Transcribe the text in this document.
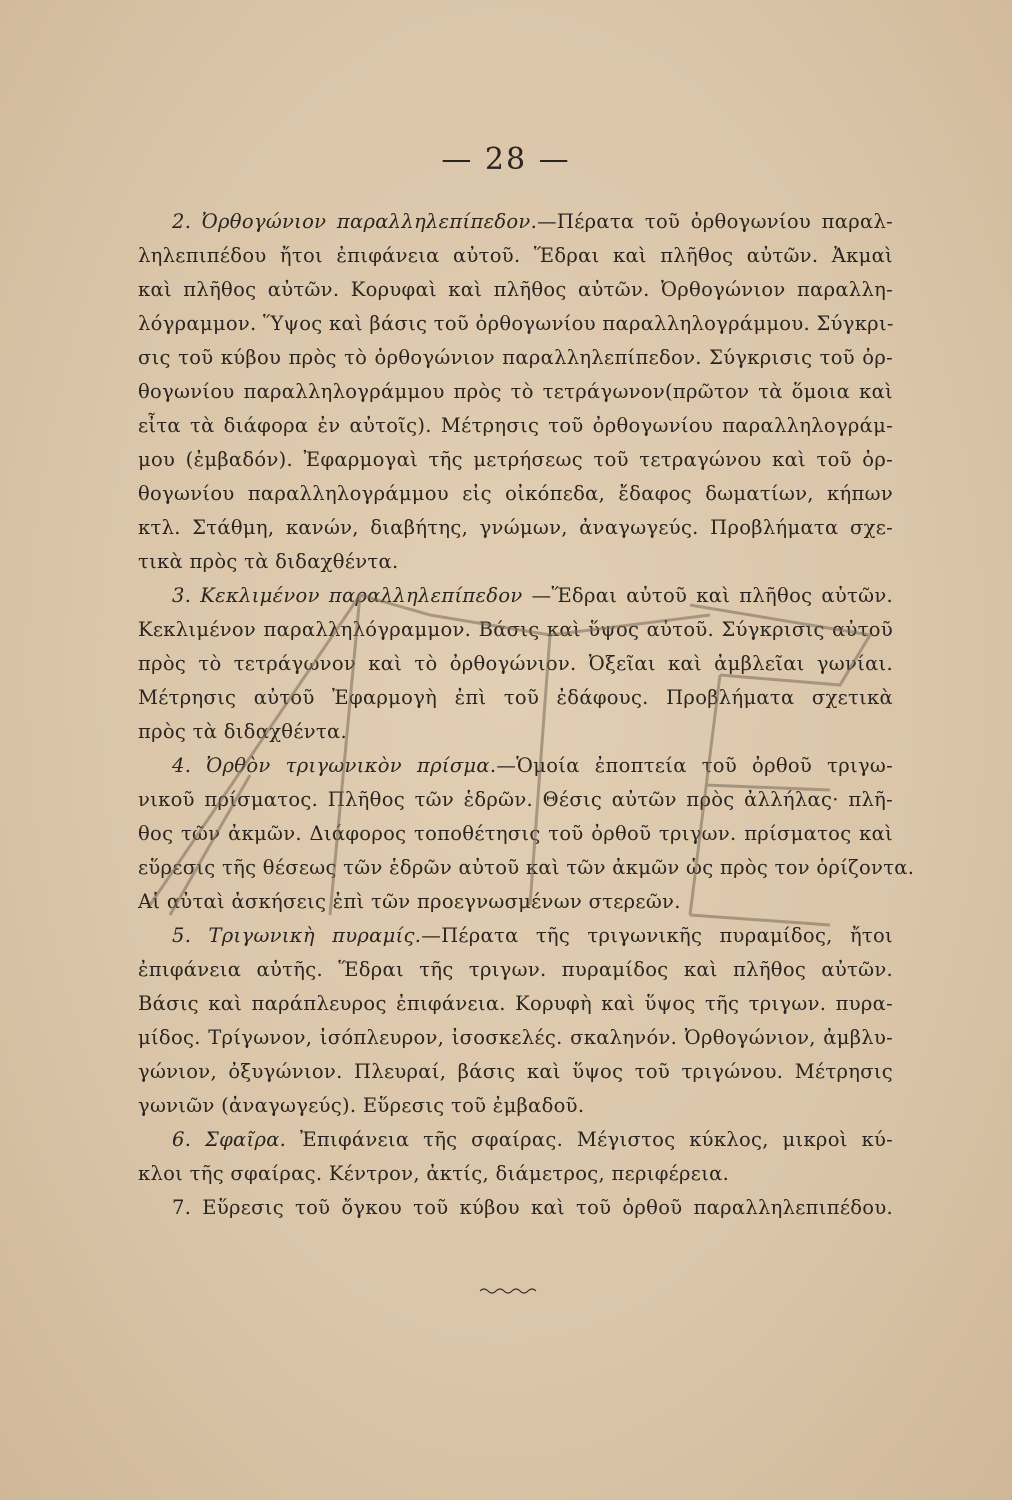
— 28 —
2. Ὀρθογώνιον παραλληλεπίπεδον.—Πέρατα τοῦ ὀρθογωνίου παραλ-
ληλεπιπέδου ἤτοι ἐπιφάνεια αὐτοῦ. Ἕδραι καὶ πλῆθος αὐτῶν. Ἀκμαὶ
καὶ πλῆθος αὐτῶν. Κορυφαὶ καὶ πλῆθος αὐτῶν. Ὀρθογώνιον παραλλη-
λόγραμμον. Ὕψος καὶ βάσις τοῦ ὀρθογωνίου παραλληλογράμμου. Σύγκρι-
σις τοῦ κύβου πρὸς τὸ ὀρθογώνιον παραλληλεπίπεδον. Σύγκρισις τοῦ ὀρ-
θογωνίου παραλληλογράμμου πρὸς τὸ τετράγωνον(πρῶτον τὰ ὅμοια καὶ
εἶτα τὰ διάφορα ἐν αὐτοῖς). Μέτρησις τοῦ ὀρθογωνίου παραλληλογράμ-
μου (ἐμβαδόν). Ἐφαρμογαὶ τῆς μετρήσεως τοῦ τετραγώνου καὶ τοῦ ὀρ-
θογωνίου παραλληλογράμμου εἰς οἰκόπεδα, ἔδαφος δωματίων, κήπων
κτλ. Στάθμη, κανών, διαβήτης, γνώμων, ἀναγωγεύς. Προβλήματα σχε-
τικὰ πρὸς τὰ διδαχθέντα.
3. Κεκλιμένον παραλληλεπίπεδον —Ἕδραι αὐτοῦ καὶ πλῆθος αὐτῶν.
Κεκλιμένον παραλληλόγραμμον. Βάσις καὶ ὕψος αὐτοῦ. Σύγκρισις αὐτοῦ
πρὸς τὸ τετράγωνον καὶ τὸ ὀρθογώνιον. Ὀξεῖαι καὶ ἀμβλεῖαι γωνίαι.
Μέτρησις αὐτοῦ Ἐφαρμογὴ ἐπὶ τοῦ ἐδάφους. Προβλήματα σχετικὰ
πρὸς τὰ διδαχθέντα.
4. Ὀρθὸν τριγωνικὸν πρίσμα.—Ὁμοία ἐποπτεία τοῦ ὀρθοῦ τριγω-
νικοῦ πρίσματος. Πλῆθος τῶν ἑδρῶν. Θέσις αὐτῶν πρὸς ἀλλήλας· πλῆ-
θος τῶν ἀκμῶν. Διάφορος τοποθέτησις τοῦ ὀρθοῦ τριγων. πρίσματος καὶ
εὕρεσις τῆς θέσεως τῶν ἑδρῶν αὐτοῦ καὶ τῶν ἀκμῶν ὡς πρὸς τον ὁρίζοντα.
Αἱ αὐταὶ ἀσκήσεις ἐπὶ τῶν προεγνωσμένων στερεῶν.
5. Τριγωνικὴ πυραμίς.—Πέρατα τῆς τριγωνικῆς πυραμίδος, ἤτοι
ἐπιφάνεια αὐτῆς. Ἕδραι τῆς τριγων. πυραμίδος καὶ πλῆθος αὐτῶν.
Βάσις καὶ παράπλευρος ἐπιφάνεια. Κορυφὴ καὶ ὕψος τῆς τριγων. πυρα-
μίδος. Τρίγωνον, ἰσόπλευρον, ἰσοσκελές. σκαληνόν. Ὀρθογώνιον, ἀμβλυ-
γώνιον, ὀξυγώνιον. Πλευραί, βάσις καὶ ὕψος τοῦ τριγώνου. Μέτρησις
γωνιῶν (ἀναγωγεύς). Εὕρεσις τοῦ ἐμβαδοῦ.
6. Σφαῖρα. Ἐπιφάνεια τῆς σφαίρας. Μέγιστος κύκλος, μικροὶ κύ-
κλοι τῆς σφαίρας. Κέντρον, ἀκτίς, διάμετρος, περιφέρεια.
7. Εὕρεσις τοῦ ὄγκου τοῦ κύβου καὶ τοῦ ὀρθοῦ παραλληλεπιπέδου.
